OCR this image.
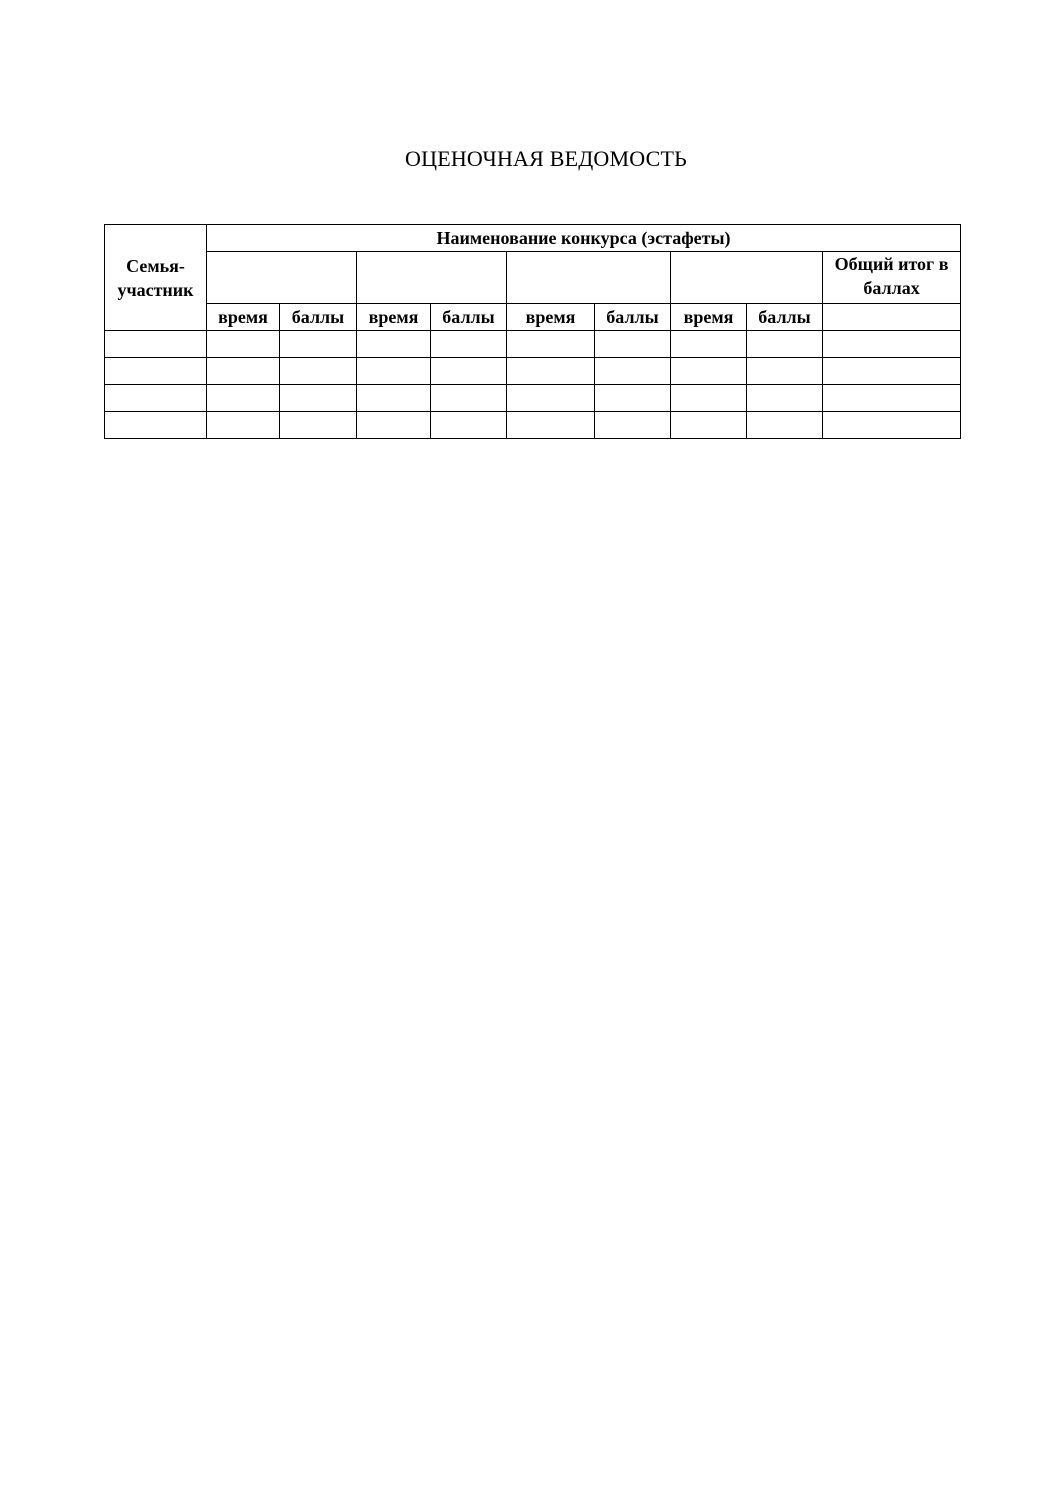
ОЦЕНОЧНАЯ ВЕДОМОСТЬ
Семья-участник	Наименование конкурса (эстафеты)								
									Общий итог в баллах
	время	баллы	время	баллы	время	баллы	время	баллы	
